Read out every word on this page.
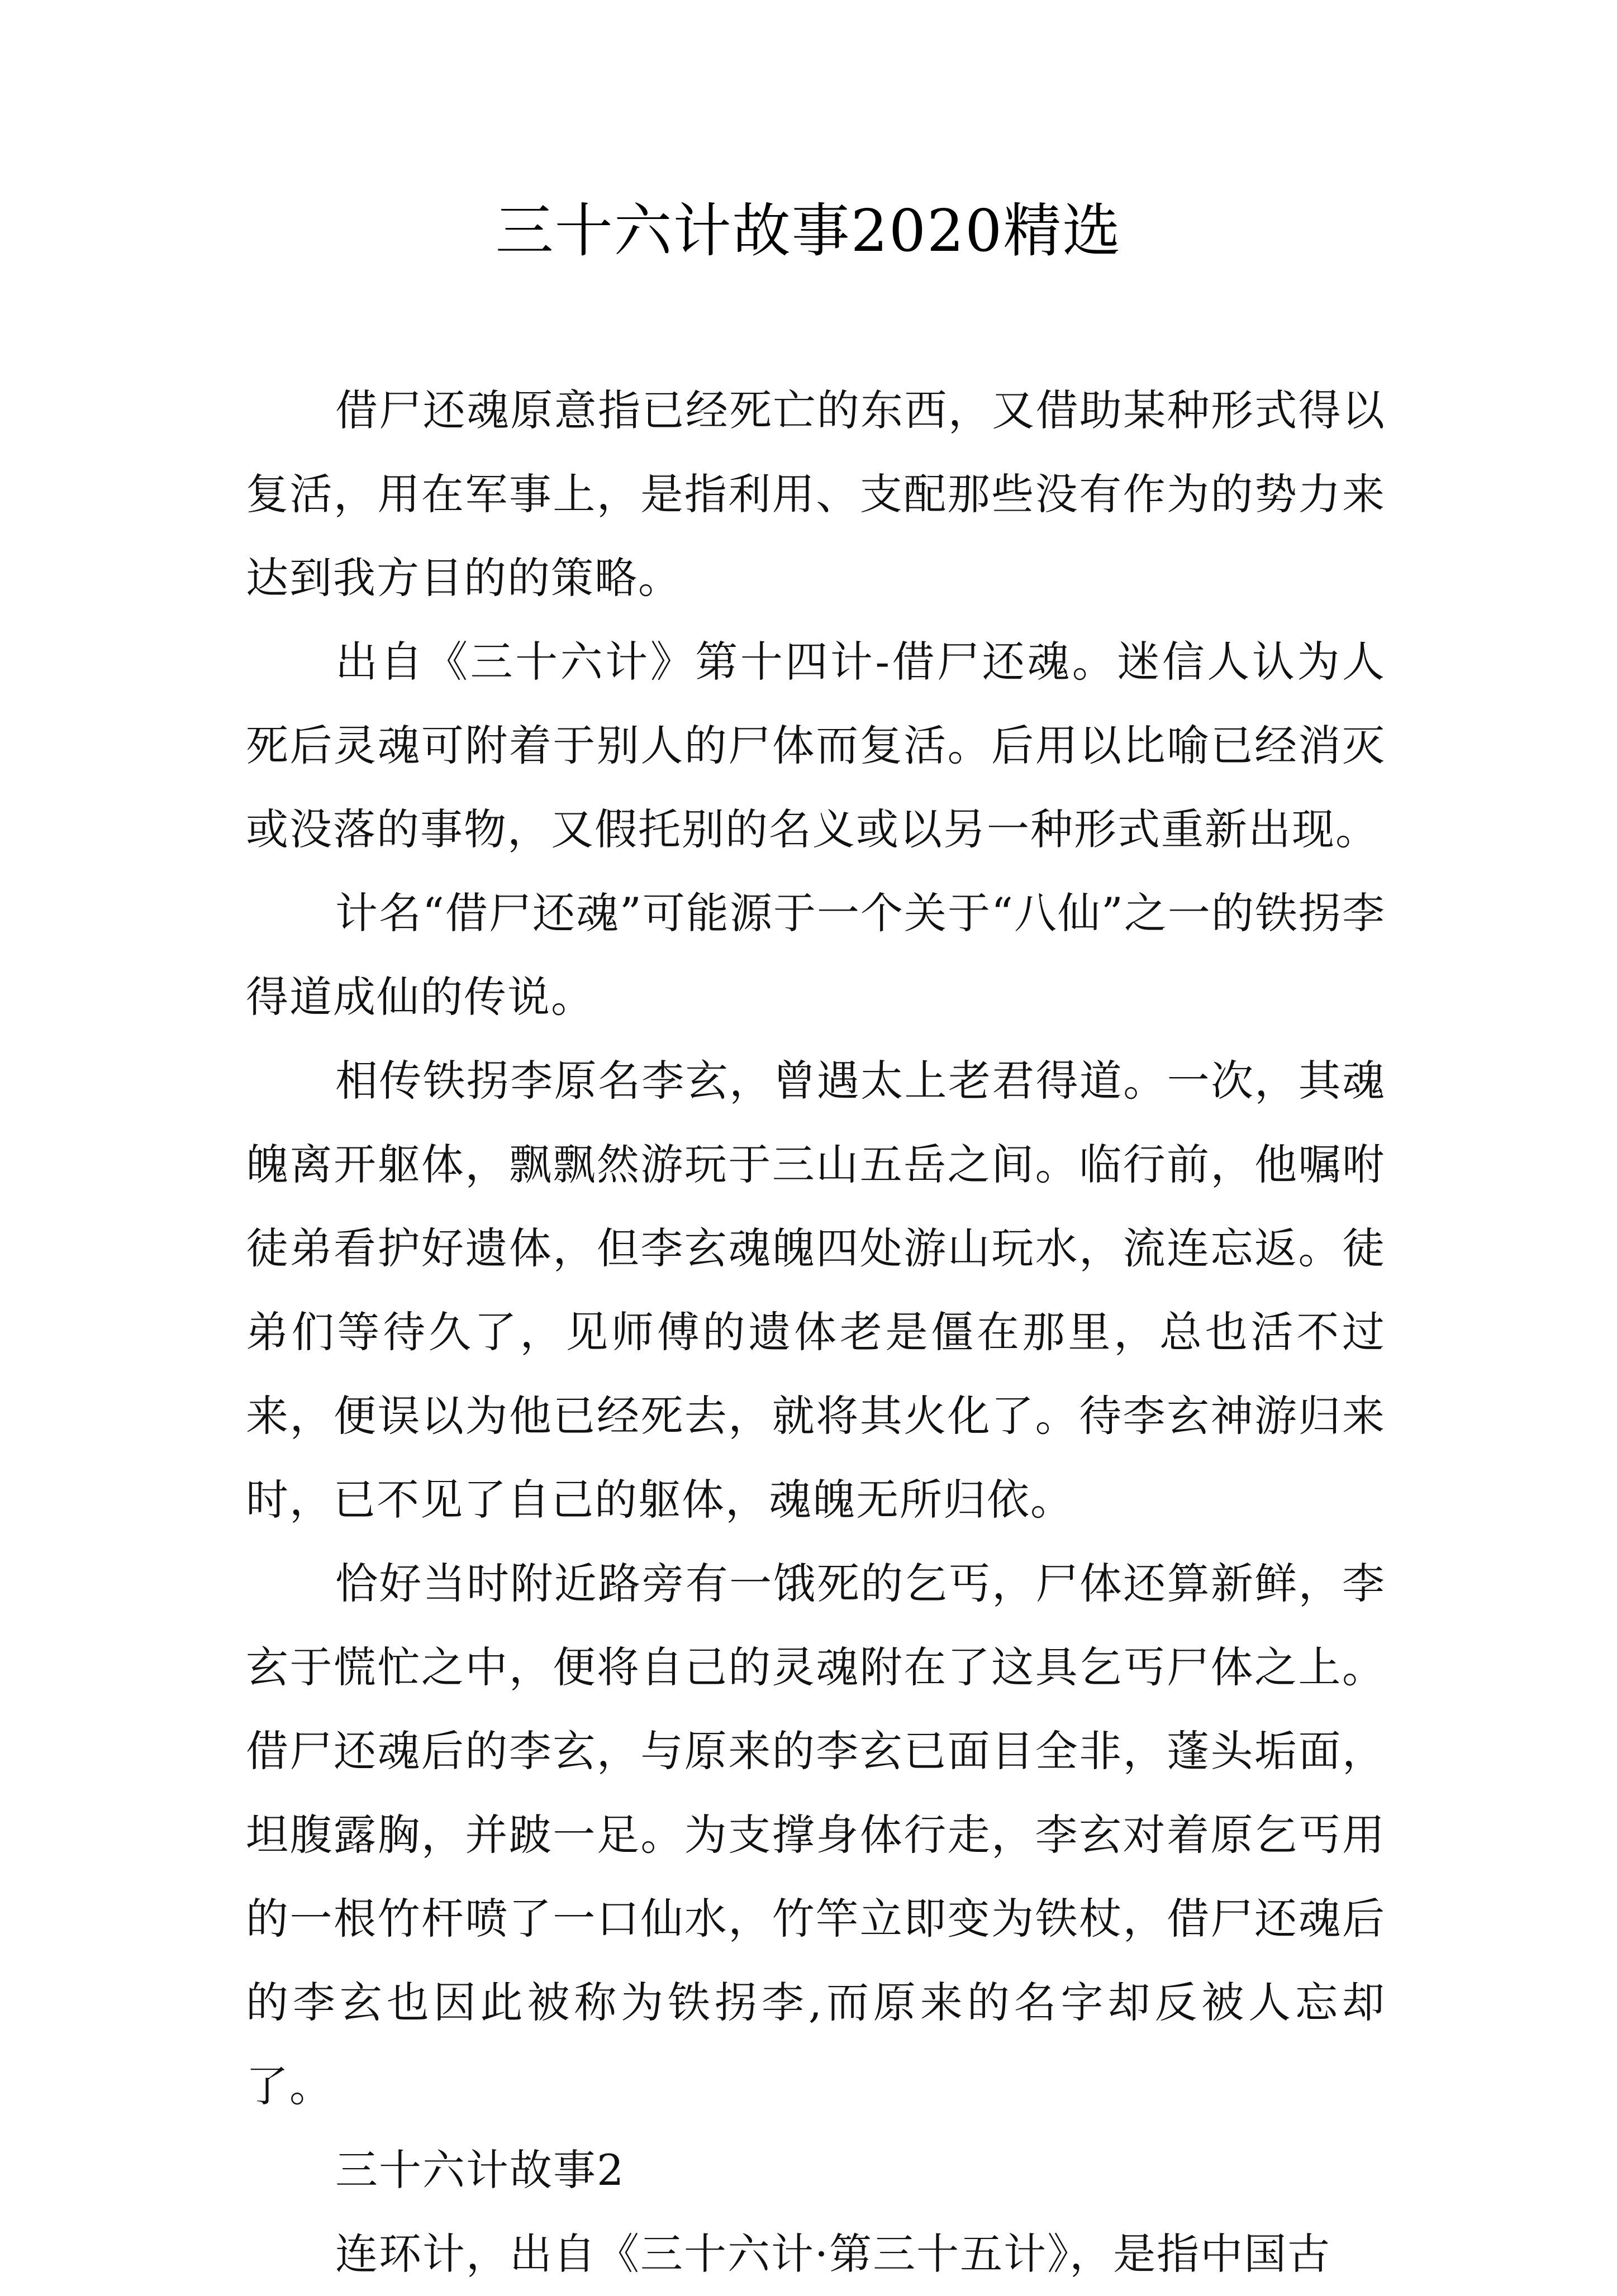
三十六计故事2020精选

借尸还魂原意指已经死亡的东西，又借助某种形式得以复活，用在军事上，是指利用、支配那些没有作为的势力来达到我方目的的策略。

出自《三十六计》第十四计-借尸还魂。迷信人认为人死后灵魂可附着于别人的尸体而复活。后用以比喻已经消灭或没落的事物，又假托别的名义或以另一种形式重新出现。

计名“借尸还魂”可能源于一个关于“八仙”之一的铁拐李得道成仙的传说。

相传铁拐李原名李玄，曾遇太上老君得道。一次，其魂魄离开躯体，飘飘然游玩于三山五岳之间。临行前，他嘱咐徒弟看护好遗体，但李玄魂魄四处游山玩水，流连忘返。徒弟们等待久了，见师傅的遗体老是僵在那里，总也活不过来，便误以为他已经死去，就将其火化了。待李玄神游归来时，已不见了自己的躯体，魂魄无所归依。

恰好当时附近路旁有一饿死的乞丐，尸体还算新鲜，李玄于慌忙之中，便将自己的灵魂附在了这具乞丐尸体之上。借尸还魂后的李玄，与原来的李玄已面目全非，蓬头垢面，坦腹露胸，并跛一足。为支撑身体行走，李玄对着原乞丐用的一根竹杆喷了一口仙水，竹竿立即变为铁杖，借尸还魂后的李玄也因此被称为铁拐李,而原来的名字却反被人忘却了。

三十六计故事2

连环计，出自《三十六计·第三十五计》，是指中国古
